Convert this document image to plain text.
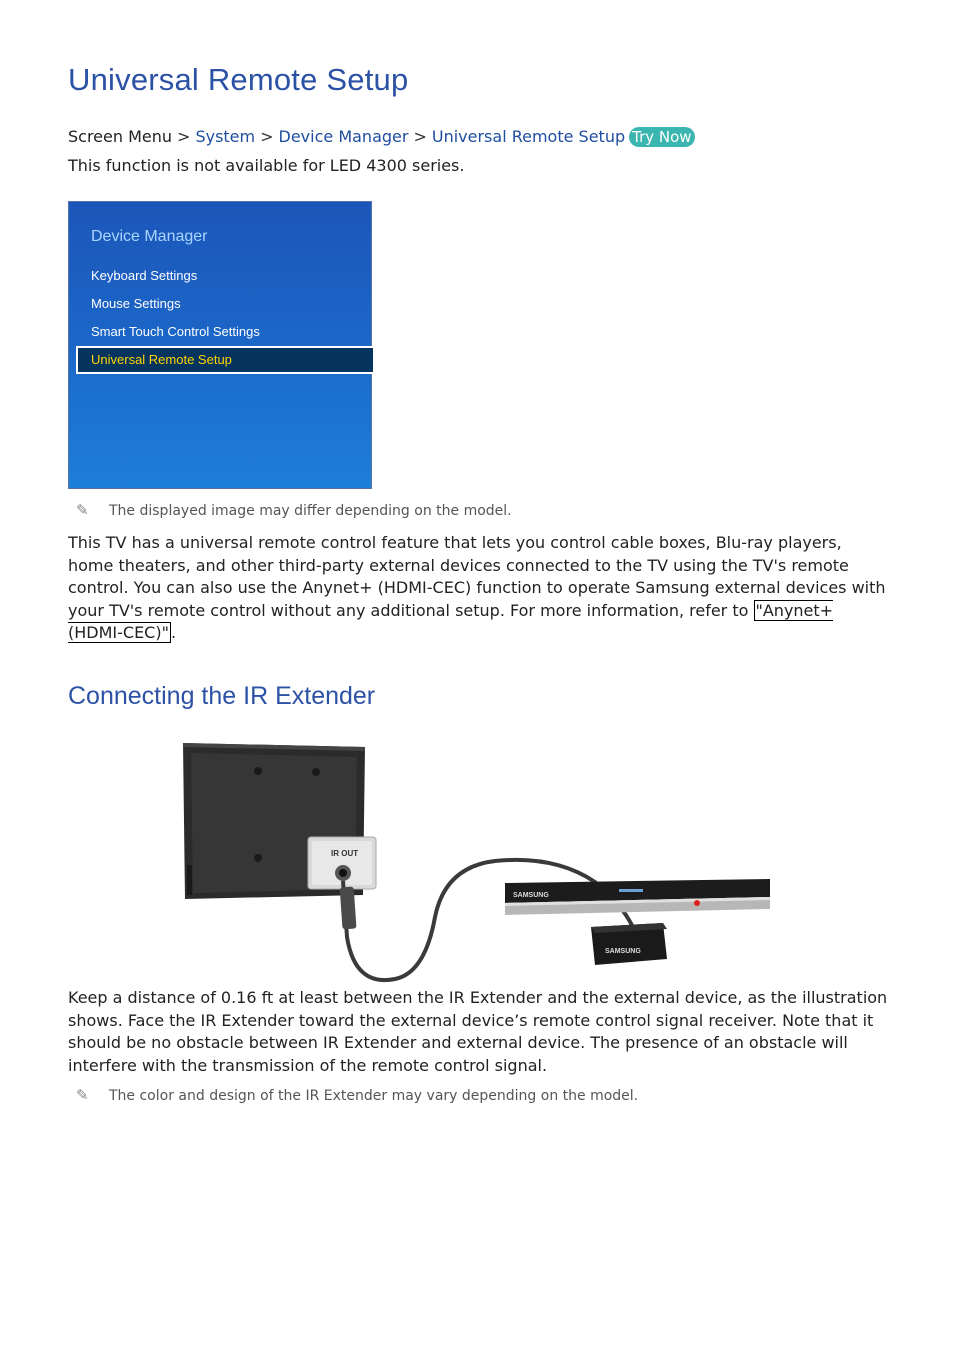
Universal Remote Setup
Screen Menu > System > Device Manager > Universal Remote Setup Try Now
This function is not available for LED 4300 series.
Device Manager
Keyboard Settings
Mouse Settings
Smart Touch Control Settings
Universal Remote Setup
✎ The displayed image may differ depending on the model.

This TV has a universal remote control feature that lets you control cable boxes, Blu-ray players, home theaters, and other third-party external devices connected to the TV using the TV's remote control. You can also use the Anynet+ (HDMI-CEC) function to operate Samsung external devices with your TV's remote control without any additional setup. For more information, refer to "Anynet+ (HDMI-CEC)" .

Connecting the IR Extender
IR OUT
SAMSUNG
SAMSUNG

Keep a distance of 0.16 ft at least between the IR Extender and the external device, as the illustration shows. Face the IR Extender toward the external device’s remote control signal receiver. Note that it should be no obstacle between IR Extender and external device. The presence of an obstacle will interfere with the transmission of the remote control signal.

✎ The color and design of the IR Extender may vary depending on the model.
